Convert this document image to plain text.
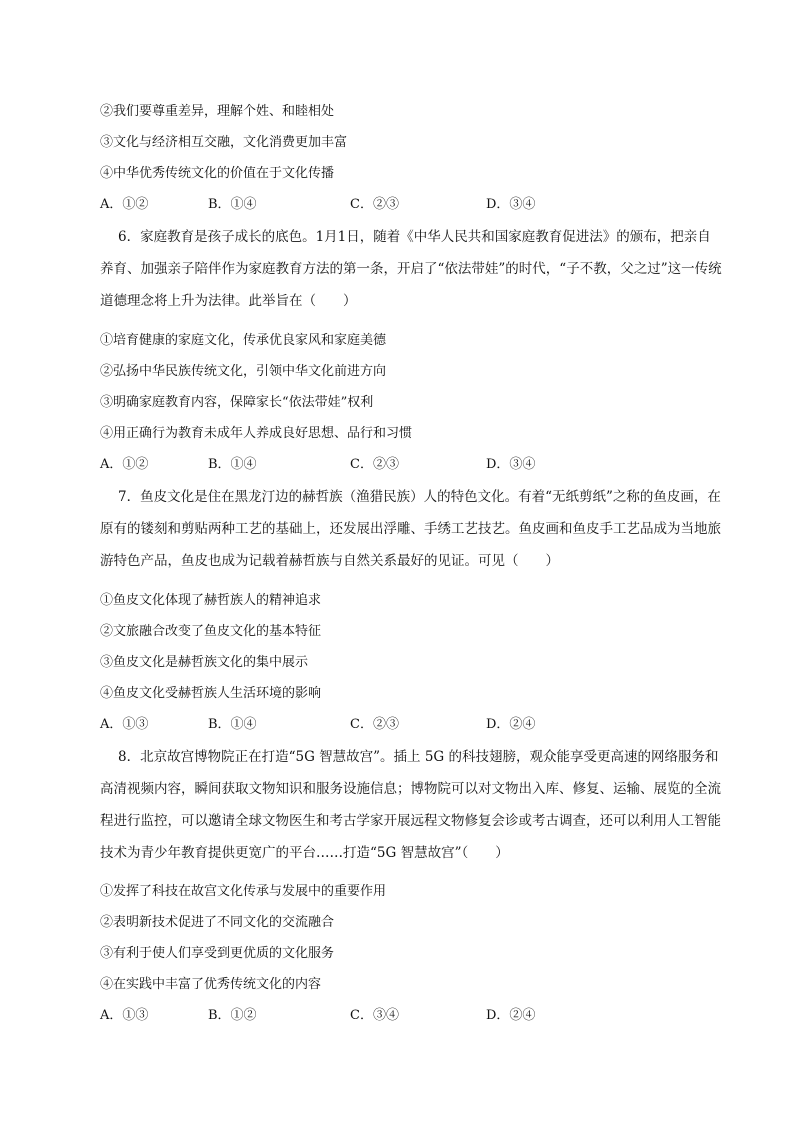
②我们要尊重差异，理解个姓、和睦相处
③文化与经济相互交融，文化消费更加丰富
④中华优秀传统文化的价值在于文化传播
A．①②	B．①④	C．②③	D．③④
6．家庭教育是孩子成长的底色。1月1日，随着《中华人民共和国家庭教育促进法》的颁布，把亲自
养育、加强亲子陪伴作为家庭教育方法的第一条，开启了“依法带娃”的时代，“子不教，父之过”这一传统
道德理念将上升为法律。此举旨在（　　）
①培育健康的家庭文化，传承优良家风和家庭美德
②弘扬中华民族传统文化，引领中华文化前进方向
③明确家庭教育内容，保障家长“依法带娃”权利
④用正确行为教育未成年人养成良好思想、品行和习惯
A．①②	B．①④	C．②③	D．③④
7．鱼皮文化是住在黑龙汀边的赫哲族（渔猎民族）人的特色文化。有着“无纸剪纸”之称的鱼皮画，在
原有的镂刻和剪贴两种工艺的基础上，还发展出浮雕、手绣工艺技艺。鱼皮画和鱼皮手工艺品成为当地旅
游特色产品，鱼皮也成为记载着赫哲族与自然关系最好的见证。可见（　　）
①鱼皮文化体现了赫哲族人的精神追求
②文旅融合改变了鱼皮文化的基本特征
③鱼皮文化是赫哲族文化的集中展示
④鱼皮文化受赫哲族人生活环境的影响
A．①③	B．①④	C．②③	D．②④
8．北京故宫博物院正在打造“5G 智慧故宫”。插上 5G 的科技翅膀，观众能享受更高速的网络服务和
高清视频内容，瞬间获取文物知识和服务设施信息；博物院可以对文物出入库、修复、运输、展览的全流
程进行监控，可以邀请全球文物医生和考古学家开展远程文物修复会诊或考古调查，还可以利用人工智能
技术为青少年教育提供更宽广的平台……打造“5G 智慧故宫”（　　）
①发挥了科技在故宫文化传承与发展中的重要作用
②表明新技术促进了不同文化的交流融合
③有利于使人们享受到更优质的文化服务
④在实践中丰富了优秀传统文化的内容
A．①③	B．①②	C．③④	D．②④
